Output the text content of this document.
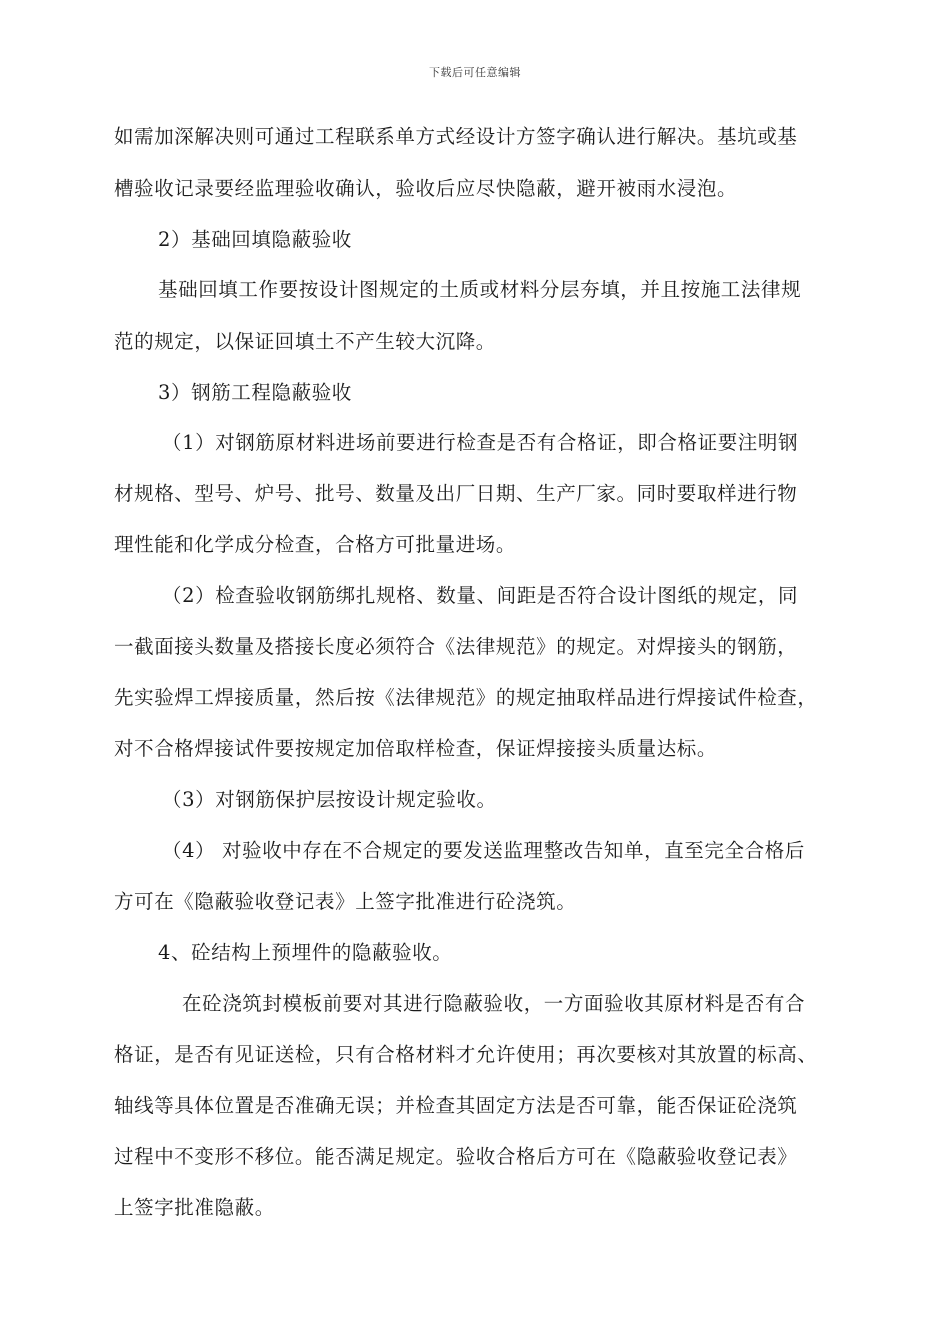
下载后可任意编辑
如需加深解决则可通过工程联系单方式经设计方签字确认进行解决。基坑或基
槽验收记录要经监理验收确认，验收后应尽快隐蔽，避开被雨水浸泡。
2）基础回填隐蔽验收
基础回填工作要按设计图规定的土质或材料分层夯填，并且按施工法律规
范的规定，以保证回填土不产生较大沉降。
3）钢筋工程隐蔽验收
（1）对钢筋原材料进场前要进行检查是否有合格证，即合格证要注明钢
材规格、型号、炉号、批号、数量及出厂日期、生产厂家。同时要取样进行物
理性能和化学成分检查，合格方可批量进场。
（2）检查验收钢筋绑扎规格、数量、间距是否符合设计图纸的规定，同
一截面接头数量及搭接长度必须符合《法律规范》的规定。对焊接头的钢筋，
先实验焊工焊接质量，然后按《法律规范》的规定抽取样品进行焊接试件检查，
对不合格焊接试件要按规定加倍取样检查，保证焊接接头质量达标。
（3）对钢筋保护层按设计规定验收。
（4） 对验收中存在不合规定的要发送监理整改告知单，直至完全合格后
方可在《隐蔽验收登记表》上签字批准进行砼浇筑。
4、砼结构上预埋件的隐蔽验收。
在砼浇筑封模板前要对其进行隐蔽验收，一方面验收其原材料是否有合
格证，是否有见证送检，只有合格材料才允许使用；再次要核对其放置的标高、
轴线等具体位置是否准确无误；并检查其固定方法是否可靠，能否保证砼浇筑
过程中不变形不移位。能否满足规定。验收合格后方可在《隐蔽验收登记表》
上签字批准隐蔽。
